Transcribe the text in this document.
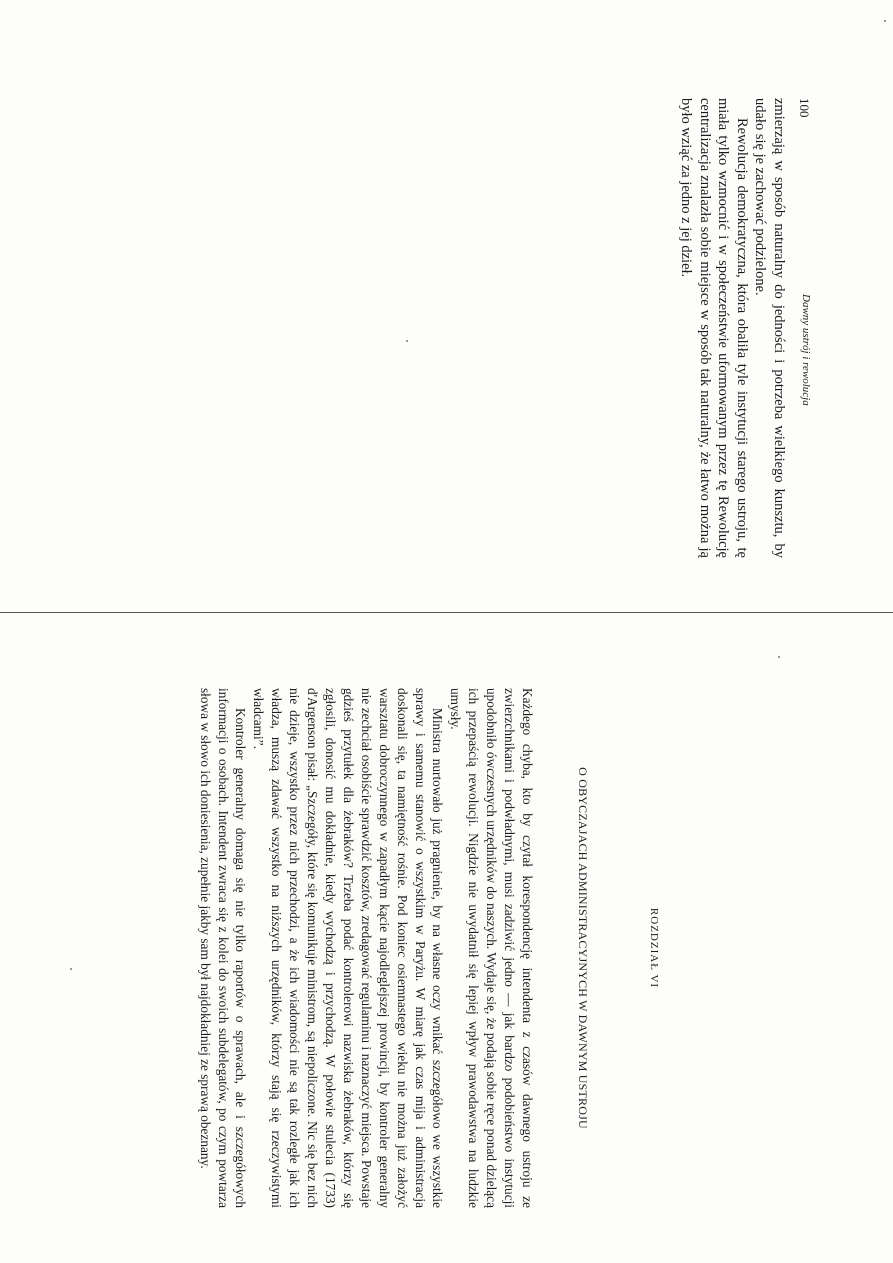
100
Dawny ustrój i rewolucja

zmierzają w sposób naturalny do jedności i potrzeba wielkiego kunsztu, by udało się je zachować podzielone.

Rewolucja demokratyczna, która obaliła tyle instytucji starego ustroju, tę miała tylko wzmocnić i w społeczeństwie uformowanym przez tę Rewolucję centralizacja znalazła sobie miejsce w sposób tak naturalny, że łatwo można ją było wziąć za jedno z jej dzieł.

ROZDZIAŁ VI
O OBYCZAJACH ADMINISTRACYJNYCH W DAWNYM USTROJU

Każdego chyba, kto by czytał korespondencję intendenta z czasów dawnego ustroju ze zwierzchnikami i podwładnymi, musi zadziwić jedno — jak bardzo podobieństwo instytucji upodobniło ówczesnych urzędników do naszych. Wydaje się, że podają sobie ręce ponad dzielącą ich przepaścią rewolucji. Nigdzie nie uwydatnił się lepiej wpływ prawodawstwa na ludzkie umysły.

Ministra nurtowało już pragnienie, by na własne oczy wnikać szczegółowo we wszystkie sprawy i samemu stanowić o wszystkim w Paryżu. W miarę jak czas mija i administracja doskonali się, ta namiętność rośnie. Pod koniec osiemnastego wieku nie można już założyć warsztatu dobroczynnego w zapadłym kącie najodleglejszej prowincji, by kontroler generalny nie zechciał osobiście sprawdzić kosztów, zredagować regulaminu i naznaczyć miejsca. Powstaje gdzieś przytułek dla żebraków? Trzeba podać kontrolerowi nazwiska żebraków, którzy się zgłosili, donosić mu dokładnie, kiedy wychodzą i przychodzą. W połowie stulecia (1733) d'Argenson pisał: „Szczegóły, które się komunikuje ministrom, są niepoliczone. Nic się bez nich nie dzieje, wszystko przez nich przechodzi, a że ich wiadomości nie są tak rozległe jak ich władza, muszą zdawać wszystko na niższych urzędników, którzy stają się rzeczywistymi władcami”.

Kontroler generalny domaga się nie tylko raportów o sprawach, ale i szczegółowych informacji o osobach. Intendent zwraca się z kolei do swoich subdelegatów, po czym powtarza słowa w słowo ich doniesienia, zupełnie jakby sam był najdokładniej ze sprawą obeznany.
